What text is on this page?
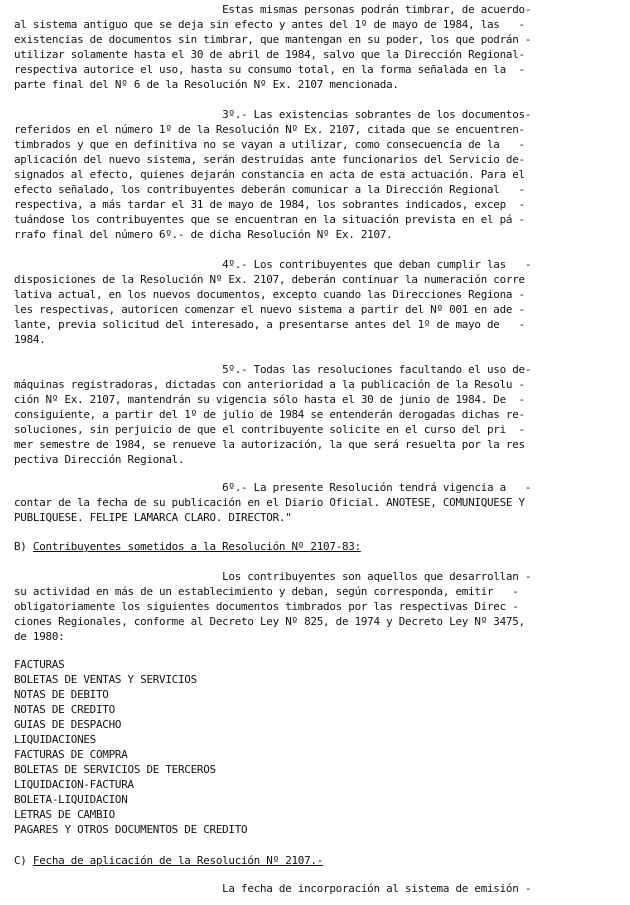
Estas mismas personas podrán timbrar, de acuerdo-
al sistema antiguo que se deja sin efecto y antes del 1º de mayo de 1984, las   -
existencias de documentos sin timbrar, que mantengan en su poder, los que podrán -
utilizar solamente hasta el 30 de abril de 1984, salvo que la Dirección Regional-
respectiva autorice el uso, hasta su consumo total, en la forma señalada en la  -
parte final del Nº 6 de la Resolución Nº Ex. 2107 mencionada.
3º.- Las existencias sobrantes de los documentos-
referidos en el número 1º de la Resolución Nº Ex. 2107, citada que se encuentren-
timbrados y que en definitiva no se vayan a utilizar, como consecuencia de la   -
aplicación del nuevo sistema, serán destruidas ante funcionarios del Servicio de-
signados al efecto, quienes dejarán constancia en acta de esta actuación. Para el
efecto señalado, los contribuyentes deberán comunicar a la Dirección Regional   -
respectiva, a más tardar el 31 de mayo de 1984, los sobrantes indicados, excep  -
tuándose los contribuyentes que se encuentran en la situación prevista en el pá -
rrafo final del número 6º.- de dicha Resolución Nº Ex. 2107.
4º.- Los contribuyentes que deban cumplir las   -
disposiciones de la Resolución Nº Ex. 2107, deberán continuar la numeración corre
lativa actual, en los nuevos documentos, excepto cuando las Direcciones Regiona -
les respectivas, autoricen comenzar el nuevo sistema a partir del Nº 001 en ade -
lante, previa solicitud del interesado, a presentarse antes del 1º de mayo de   -
1984.
5º.- Todas las resoluciones facultando el uso de-
máquinas registradoras, dictadas con anterioridad a la publicación de la Resolu -
ción Nº Ex. 2107, mantendrán su vigencia sólo hasta el 30 de junio de 1984. De  -
consiguiente, a partir del 1º de julio de 1984 se entenderán derogadas dichas re-
soluciones, sin perjuicio de que el contribuyente solicite en el curso del pri  -
mer semestre de 1984, se renueve la autorización, la que será resuelta por la res
pectiva Dirección Regional.
6º.- La presente Resolución tendrá vigencia a   -
contar de la fecha de su publicación en el Diario Oficial. ANOTESE, COMUNIQUESE Y
PUBLIQUESE. FELIPE LAMARCA CLARO. DIRECTOR."
B) Contribuyentes sometidos a la Resolución Nº 2107-83:
Los contribuyentes son aquellos que desarrollan -
su actividad en más de un establecimiento y deban, según corresponda, emitir   -
obligatoriamente los siguientes documentos timbrados por las respectivas Direc -
ciones Regionales, conforme al Decreto Ley Nº 825, de 1974 y Decreto Ley Nº 3475,
de 1980:
FACTURAS
BOLETAS DE VENTAS Y SERVICIOS
NOTAS DE DEBITO
NOTAS DE CREDITO
GUIAS DE DESPACHO
LIQUIDACIONES
FACTURAS DE COMPRA
BOLETAS DE SERVICIOS DE TERCEROS
LIQUIDACION-FACTURA
BOLETA-LIQUIDACION
LETRAS DE CAMBIO
PAGARES Y OTROS DOCUMENTOS DE CREDITO
C) Fecha de aplicación de la Resolución Nº 2107.-
La fecha de incorporación al sistema de emisión -
